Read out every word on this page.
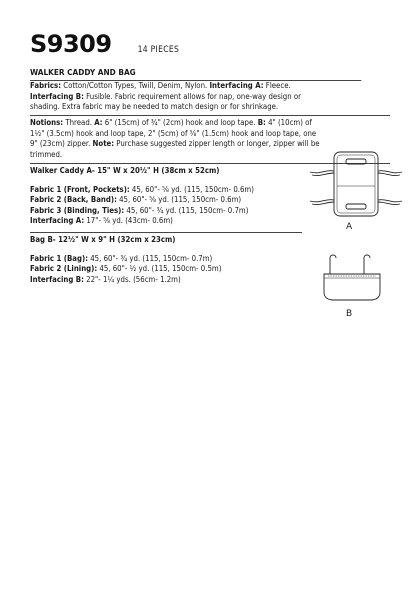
S9309	14 PIECES
WALKER CADDY AND BAG
Fabrics: Cotton/Cotton Types, Twill, Denim, Nylon. Interfacing A: Fleece.
Interfacing B: Fusible. Fabric requirement allows for nap, one-way design or
shading. Extra fabric may be needed to match design or for shrinkage.
Notions: Thread. A: 6" (15cm) of ¾" (2cm) hook and loop tape. B: 4" (10cm) of
1½" (3.5cm) hook and loop tape, 2" (5cm) of ⅝" (1.5cm) hook and loop tape, one
9" (23cm) zipper. Note: Purchase suggested zipper length or longer, zipper will be
trimmed.
Walker Caddy A- 15" W x 20½" H (38cm x 52cm)
Fabric 1 (Front, Pockets): 45, 60"- ⅝ yd. (115, 150cm- 0.6m)
Fabric 2 (Back, Band): 45, 60"- ⅝ yd. (115, 150cm- 0.6m)
Fabric 3 (Binding, Ties): 45, 60"- ¾ yd. (115, 150cm- 0.7m)
Interfacing A: 17"- ⅝ yd. (43cm- 0.6m)
Bag B- 12½" W x 9" H (32cm x 23cm)
Fabric 1 (Bag): 45, 60"- ¾ yd. (115, 150cm- 0.7m)
Fabric 2 (Lining): 45, 60"- ½ yd. (115, 150cm- 0.5m)
Interfacing B: 22"- 1¼ yds. (56cm- 1.2m)
A
B
